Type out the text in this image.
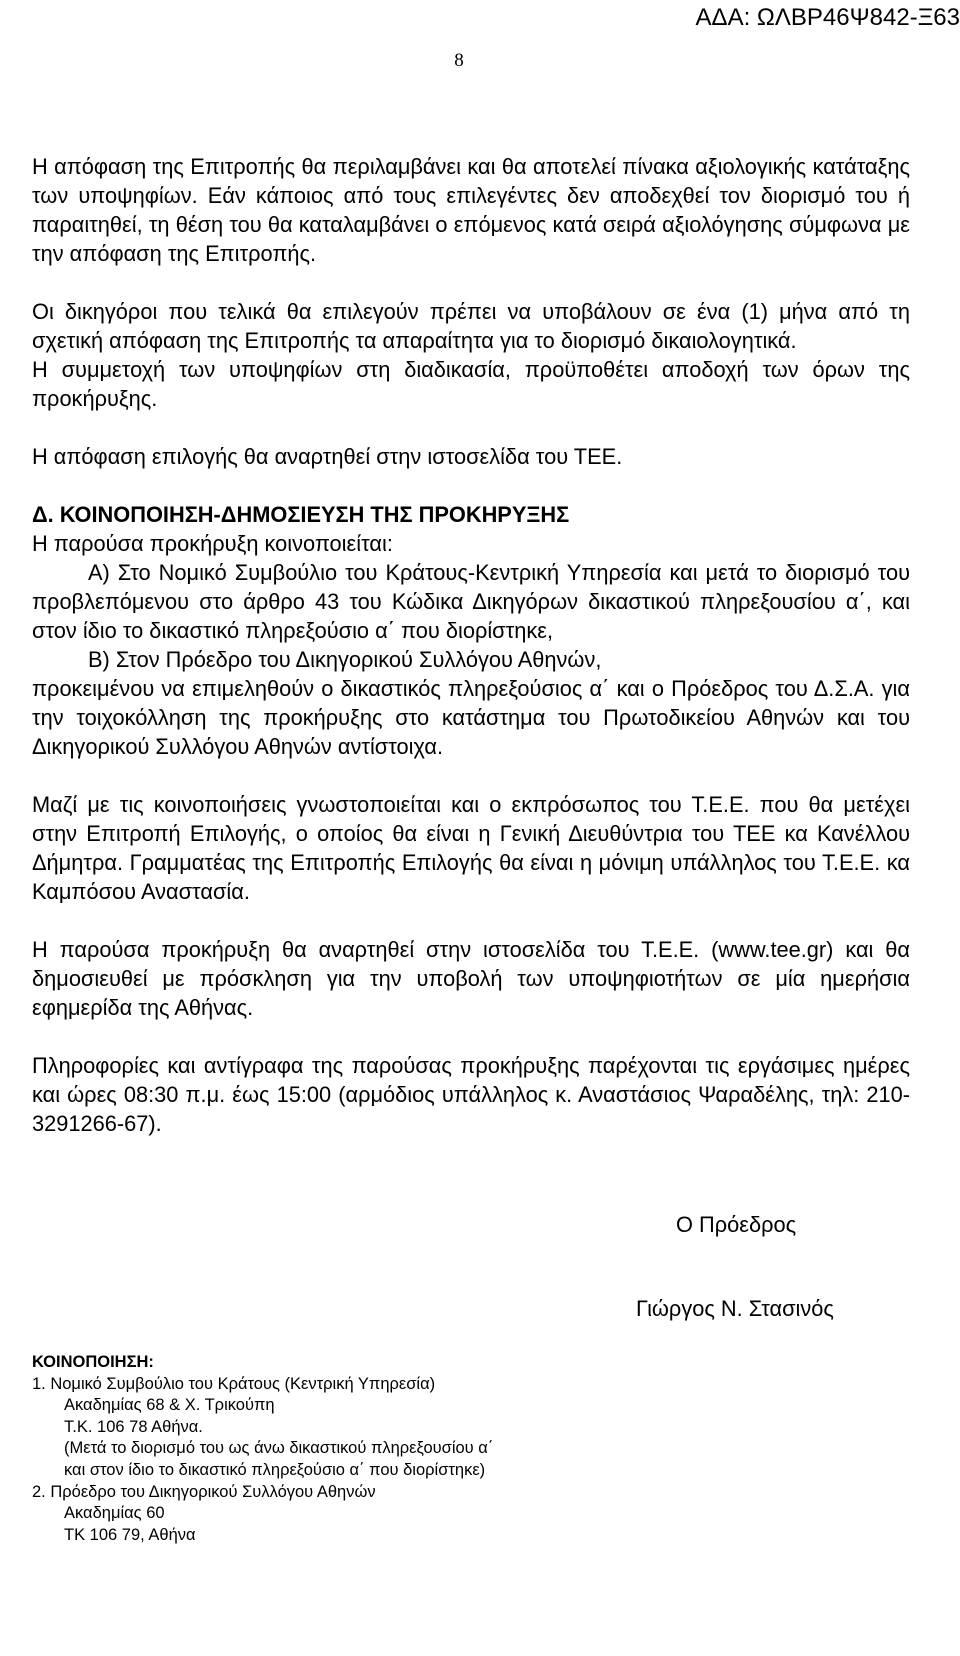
ΑΔΑ: ΩΛΒΡ46Ψ842-Ξ63
8

Η απόφαση της Επιτροπής θα περιλαμβάνει και θα αποτελεί πίνακα αξιολογικής κατάταξης των υποψηφίων. Εάν κάποιος από τους επιλεγέντες δεν αποδεχθεί τον διορισμό του ή παραιτηθεί, τη θέση του θα καταλαμβάνει ο επόμενος κατά σειρά αξιολόγησης σύμφωνα με την απόφαση της Επιτροπής.

Οι δικηγόροι που τελικά θα επιλεγούν πρέπει να υποβάλουν σε ένα (1) μήνα από τη σχετική απόφαση της Επιτροπής τα απαραίτητα για το διορισμό δικαιολογητικά.

Η συμμετοχή των υποψηφίων στη διαδικασία, προϋποθέτει αποδοχή των όρων της προκήρυξης.

Η απόφαση επιλογής θα αναρτηθεί στην ιστοσελίδα του ΤΕΕ.

Δ. ΚΟΙΝΟΠΟΙΗΣΗ-ΔΗΜΟΣΙΕΥΣΗ ΤΗΣ ΠΡΟΚΗΡΥΞΗΣ

Η παρούσα προκήρυξη κοινοποιείται:

Α) Στο Νομικό Συμβούλιο του Κράτους-Κεντρική Υπηρεσία και μετά το διορισμό του προβλεπόμενου στο άρθρο 43 του Κώδικα Δικηγόρων δικαστικού πληρεξουσίου α΄, και στον ίδιο το δικαστικό πληρεξούσιο α΄ που διορίστηκε,

Β) Στον Πρόεδρο του Δικηγορικού Συλλόγου Αθηνών,

προκειμένου να επιμεληθούν ο δικαστικός πληρεξούσιος α΄ και ο Πρόεδρος του Δ.Σ.Α. για την τοιχοκόλληση της προκήρυξης στο κατάστημα του Πρωτοδικείου Αθηνών και του Δικηγορικού Συλλόγου Αθηνών αντίστοιχα.

Μαζί με τις κοινοποιήσεις γνωστοποιείται και ο εκπρόσωπος του Τ.Ε.Ε. που θα μετέχει στην Επιτροπή Επιλογής, ο οποίος θα είναι η Γενική Διευθύντρια του ΤΕΕ κα Κανέλλου Δήμητρα. Γραμματέας της Επιτροπής Επιλογής θα είναι η μόνιμη υπάλληλος του Τ.Ε.Ε. κα Καμπόσου Αναστασία.

Η παρούσα προκήρυξη θα αναρτηθεί στην ιστοσελίδα του Τ.Ε.Ε. (www.tee.gr) και θα δημοσιευθεί με πρόσκληση για την υποβολή των υποψηφιοτήτων σε μία ημερήσια εφημερίδα της Αθήνας.

Πληροφορίες και αντίγραφα της παρούσας προκήρυξης παρέχονται τις εργάσιμες ημέρες και ώρες 08:30 π.μ. έως 15:00 (αρμόδιος υπάλληλος κ. Αναστάσιος Ψαραδέλης, τηλ: 210-3291266-67).

Ο Πρόεδρος
Γιώργος Ν. Στασινός
ΚΟΙΝΟΠΟΙΗΣΗ:
1. Νομικό Συμβούλιο του Κράτους (Κεντρική Υπηρεσία)
Ακαδημίας 68 & Χ. Τρικούπη
Τ.Κ. 106 78 Αθήνα.
(Μετά το διορισμό του ως άνω δικαστικού πληρεξουσίου α΄
και στον ίδιο το δικαστικό πληρεξούσιο α΄ που διορίστηκε)
2. Πρόεδρο του Δικηγορικού Συλλόγου Αθηνών
Ακαδημίας 60
ΤΚ 106 79, Αθήνα
